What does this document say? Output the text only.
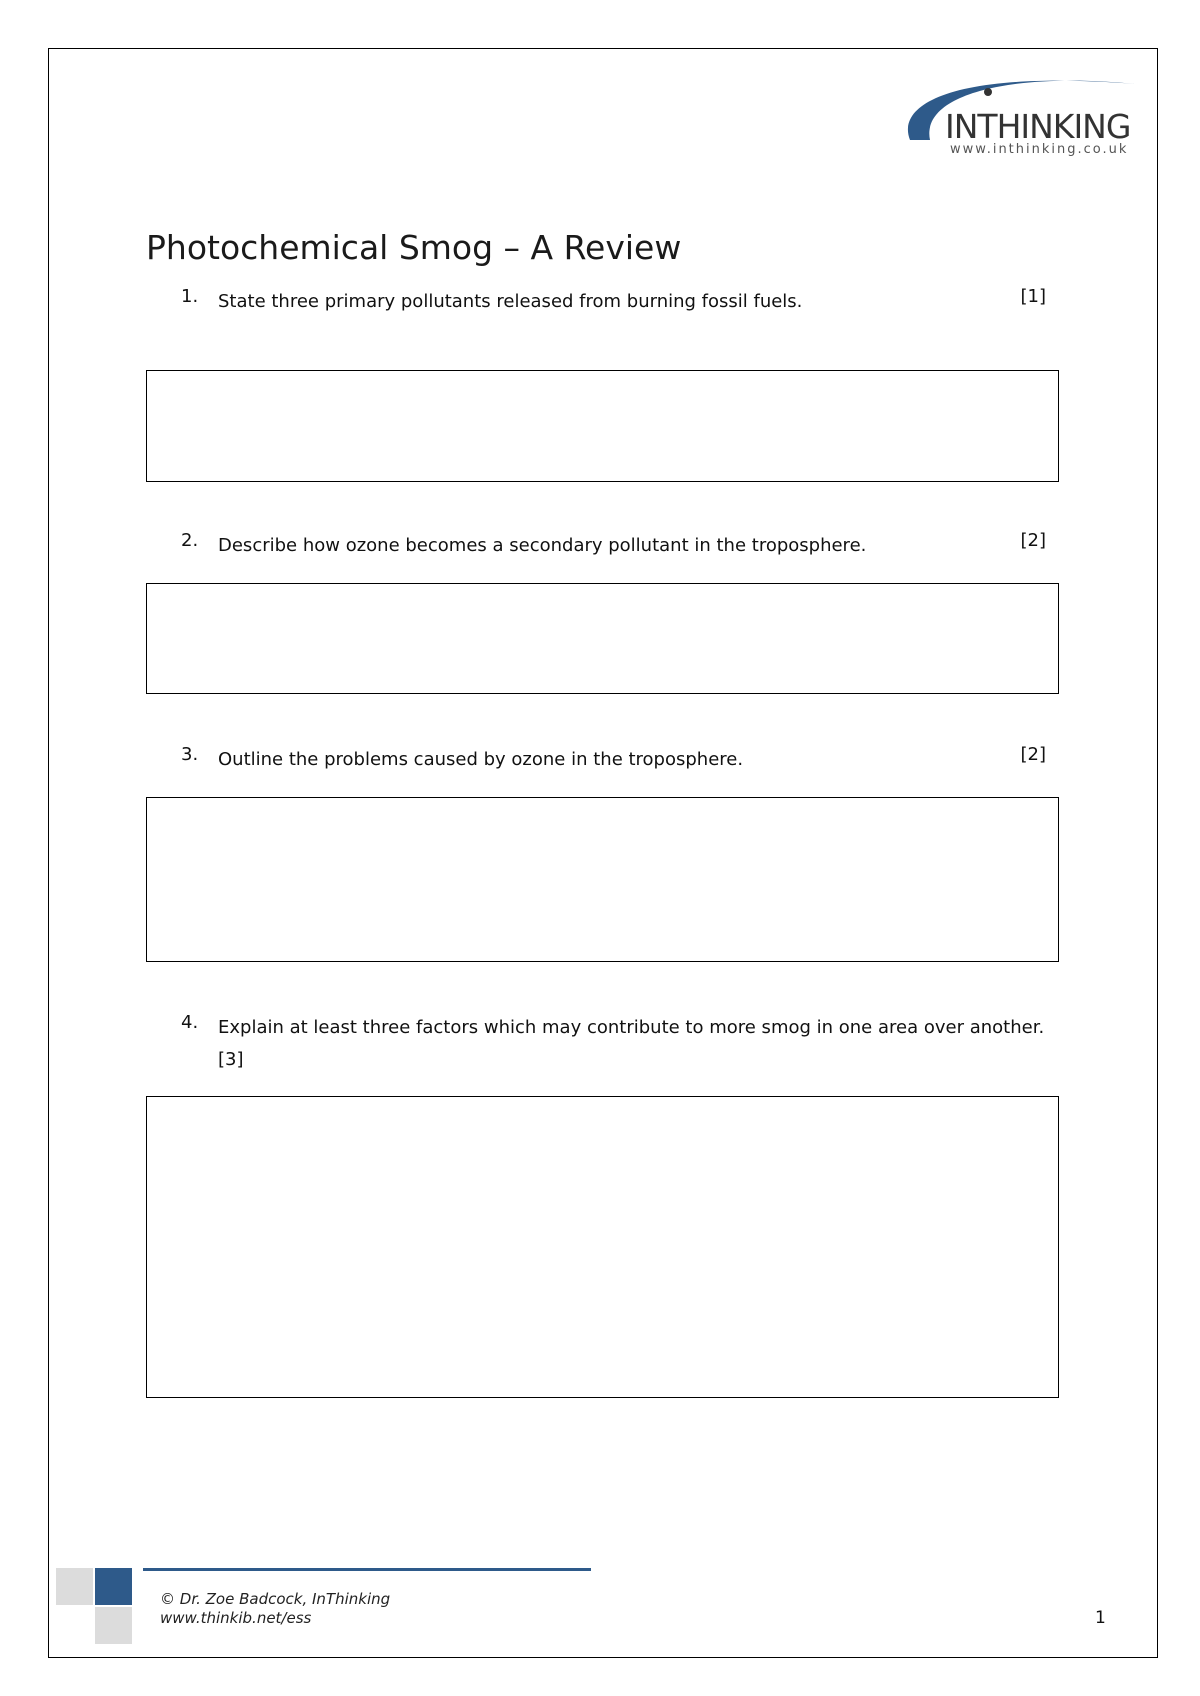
INTHINKING
www.inthinking.co.uk
Photochemical Smog – A Review
1. State three primary pollutants released from burning fossil fuels.	[1]
2. Describe how ozone becomes a secondary pollutant in the troposphere.	[2]
3. Outline the problems caused by ozone in the troposphere.	[2]
4. Explain at least three factors which may contribute to more smog in one area over another.
[3]
© Dr. Zoe Badcock, InThinking
www.thinkib.net/ess	1
